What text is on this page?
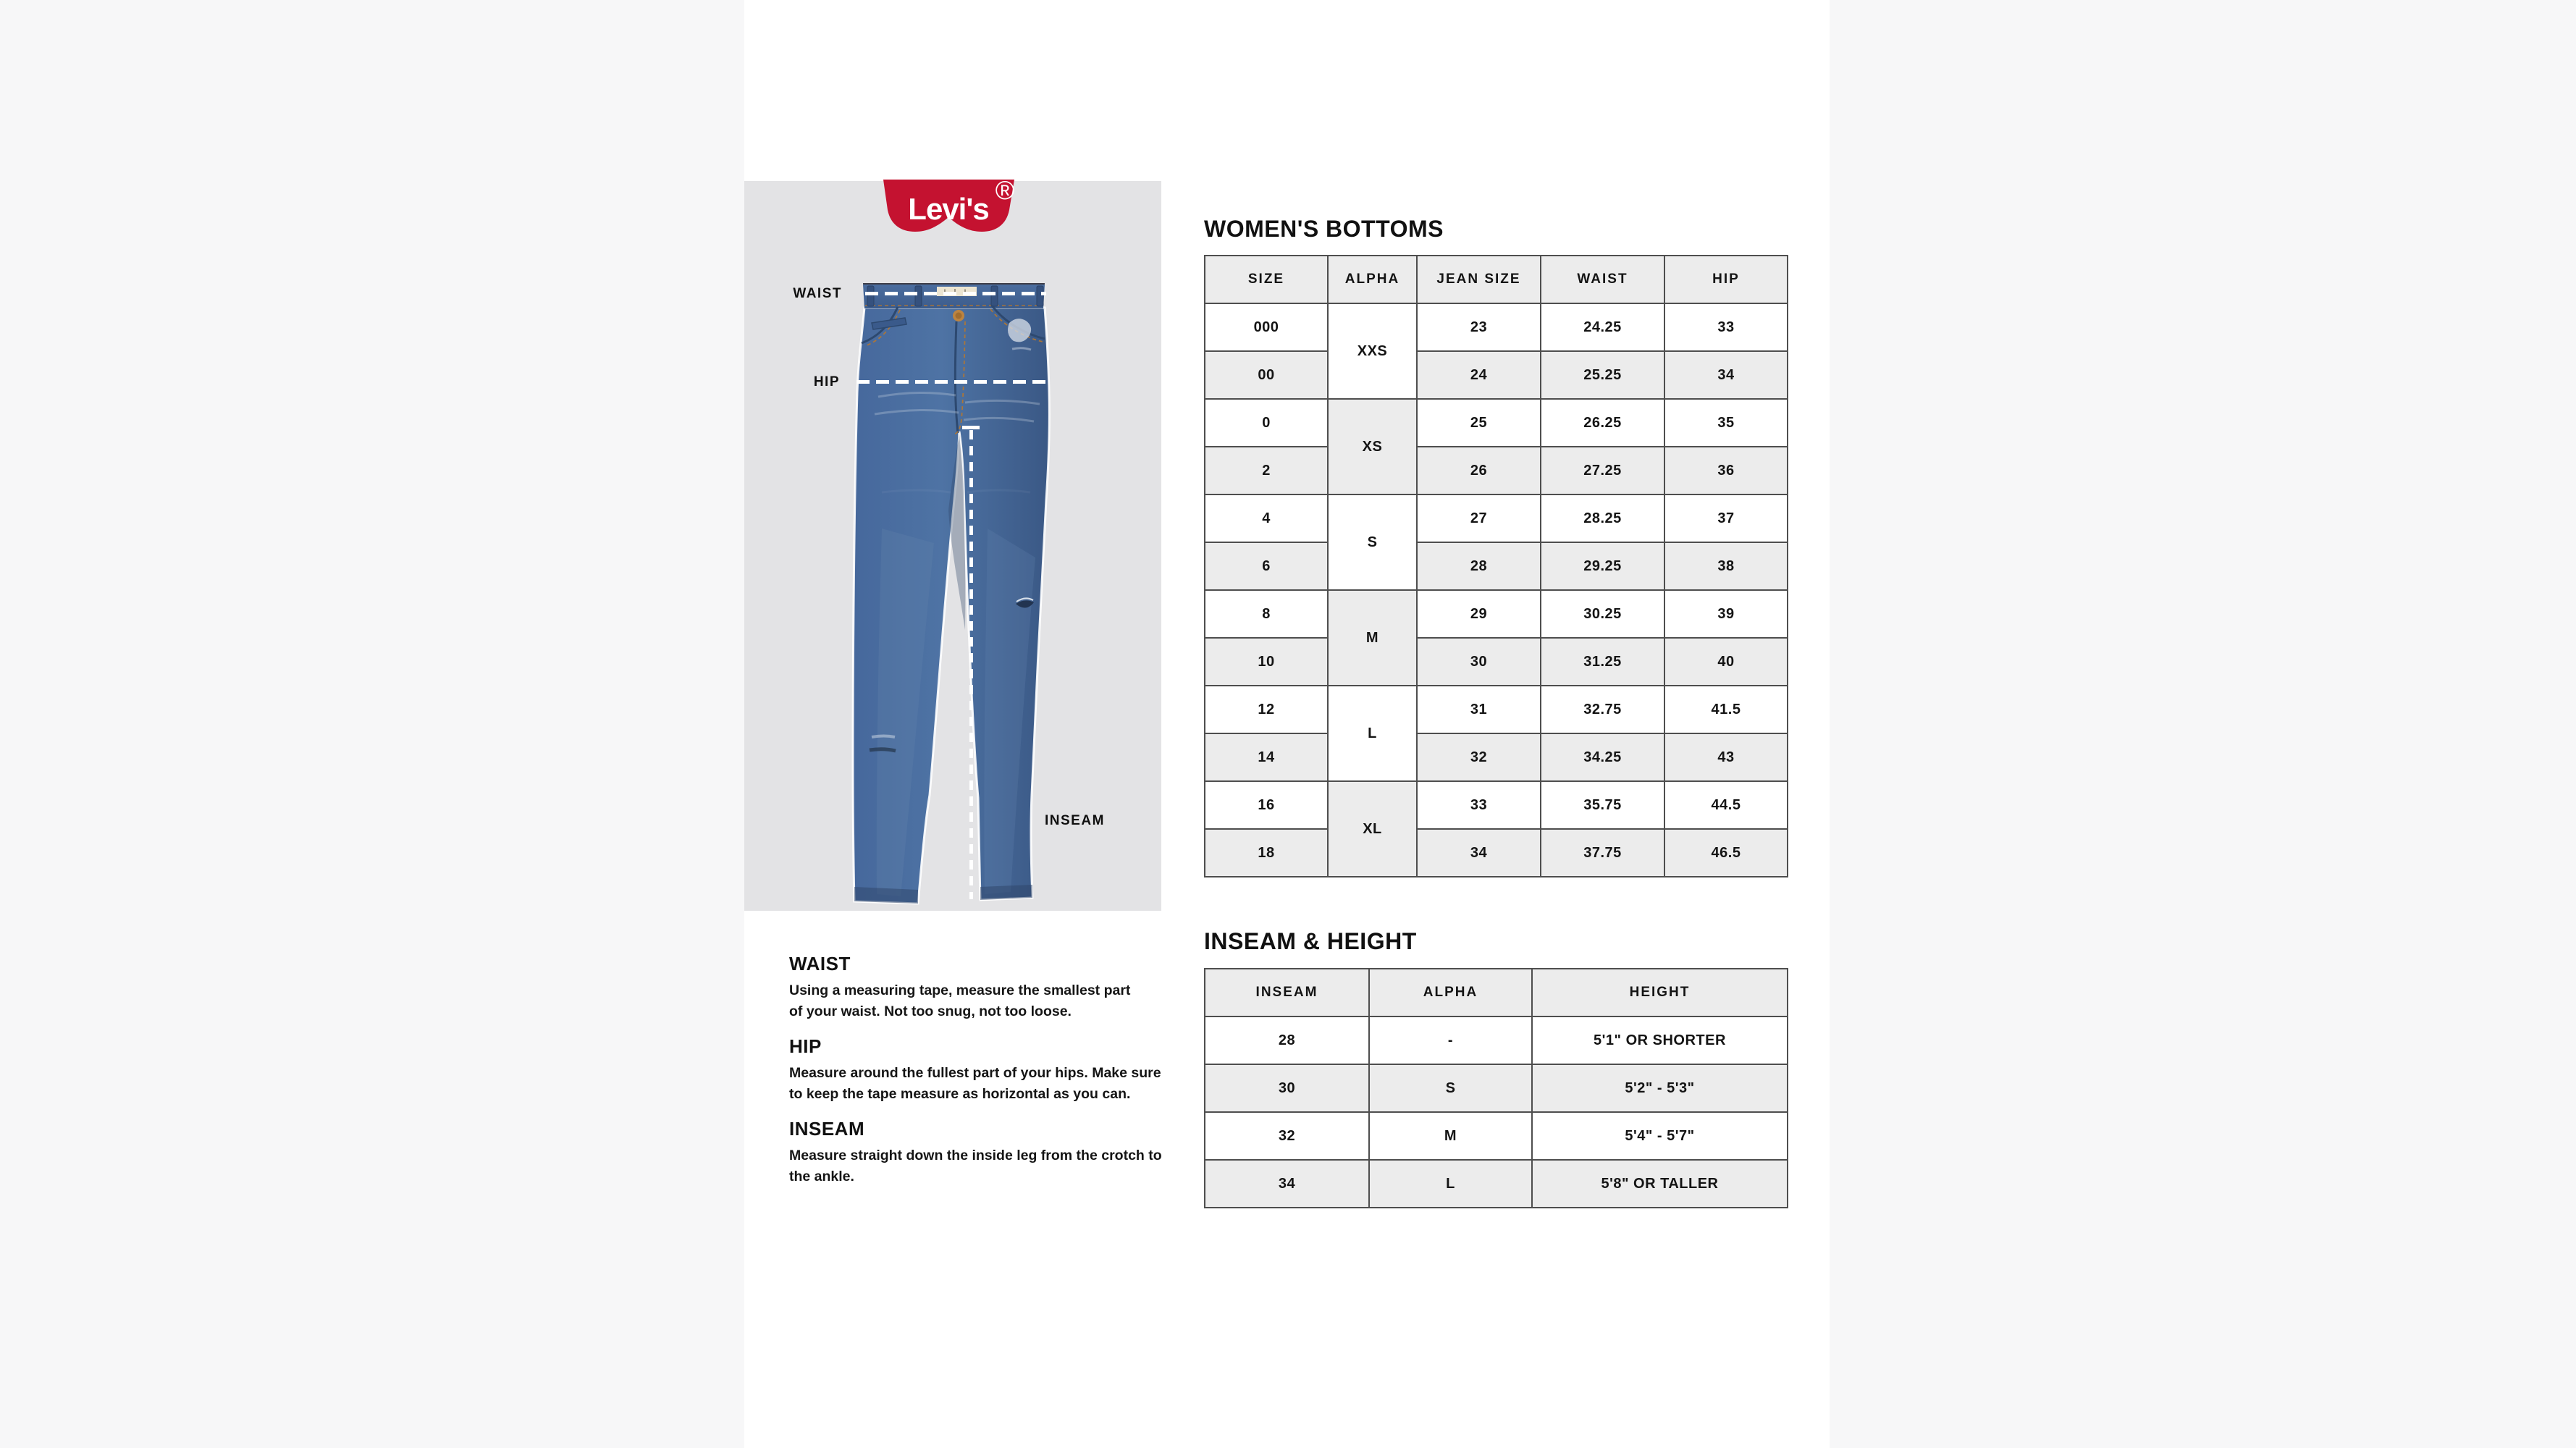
Levi's
®
WAIST
HIP
INSEAM
WAIST
Using a measuring tape, measure the smallest part
of your waist. Not too snug, not too loose.
HIP
Measure around the fullest part of your hips. Make sure
to keep the tape measure as horizontal as you can.
INSEAM
Measure straight down the inside leg from the crotch to
the ankle.
WOMEN'S BOTTOMS
SIZE	ALPHA	JEAN SIZE	WAIST	HIP
000	XXS	23	24.25	33
00		24	25.25	34
0	XS	25	26.25	35
2		26	27.25	36
4	S	27	28.25	37
6		28	29.25	38
8	M	29	30.25	39
10		30	31.25	40
12	L	31	32.75	41.5
14		32	34.25	43
16	XL	33	35.75	44.5
18		34	37.75	46.5
INSEAM & HEIGHT
INSEAM	ALPHA	HEIGHT
28	-	5'1" OR SHORTER
30	S	5'2" - 5'3"
32	M	5'4" - 5'7"
34	L	5'8" OR TALLER
